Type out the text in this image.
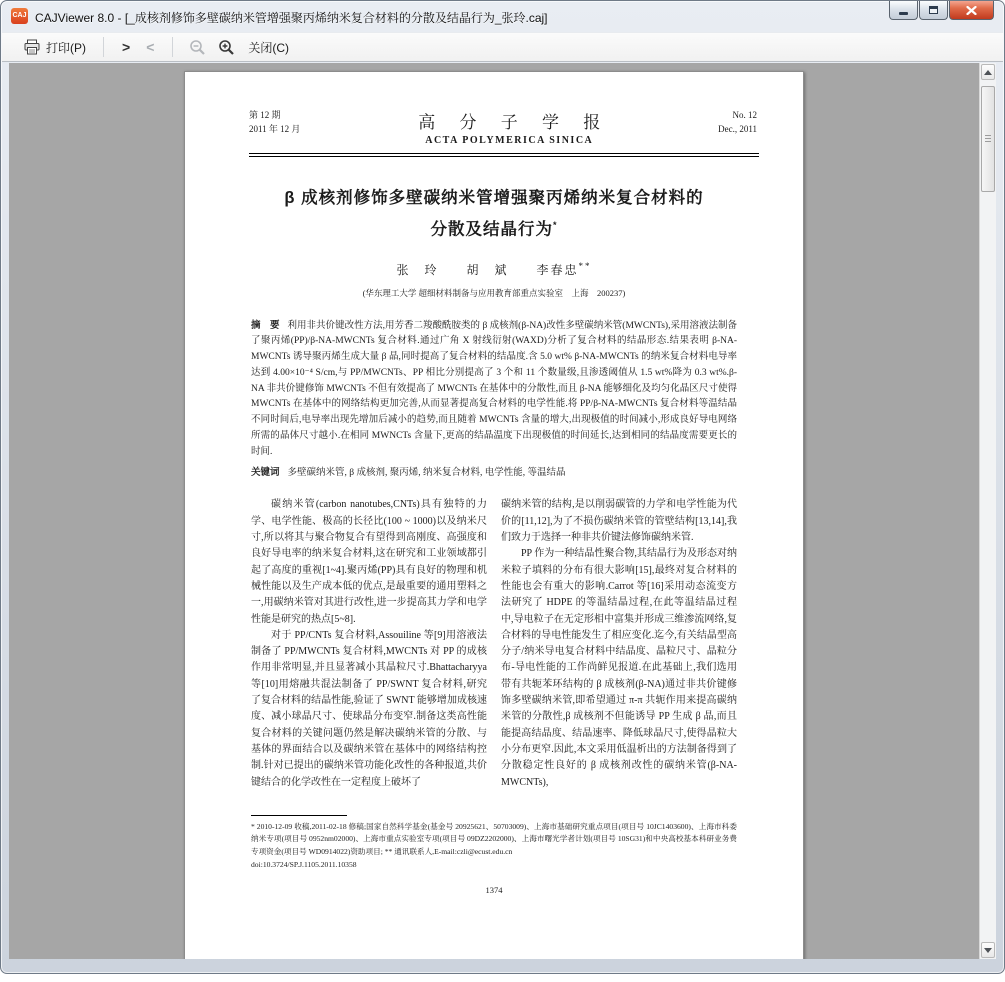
CAJ CAJViewer 8.0 - [_成核剂修饰多壁碳纳米管增强聚丙烯纳米复合材料的分散及结晶行为_张玲.caj]
打印(P)	>	<	关闭(C)
第 12 期
2011 年 12 月	高 分 子 学 报
ACTA POLYMERICA SINICA
No. 12
Dec., 2011
β 成核剂修饰多壁碳纳米管增强聚丙烯纳米复合材料的
分散及结晶行为*
张　玲　　胡　斌　　李春忠**
(华东理工大学 超细材料制备与应用教育部重点实验室　上海　200237)
摘　要 利用非共价键改性方法,用芳香二羧酸酰胺类的 β 成核剂(β-NA)改性多壁碳纳米管(MWCNTs),采用溶液法制备了聚丙烯(PP)/β-NA-MWCNTs 复合材料.通过广角 X 射线衍射(WAXD)分析了复合材料的结晶形态.结果表明 β-NA-MWCNTs 诱导聚丙烯生成大量 β 晶,同时提高了复合材料的结晶度.含 5.0 wt% β-NA-MWCNTs 的纳米复合材料电导率达到 4.00×10⁻⁴ S/cm,与 PP/MWCNTs、PP 相比分别提高了 3 个和 11 个数量级,且渗透阈值从 1.5 wt%降为 0.3 wt%.β-NA 非共价键修饰 MWCNTs 不但有效提高了 MWCNTs 在基体中的分散性,而且 β-NA 能够细化及均匀化晶区尺寸使得 MWCNTs 在基体中的网络结构更加完善,从而显著提高复合材料的电学性能.将 PP/β-NA-MWCNTs 复合材料等温结晶不同时间后,电导率出现先增加后减小的趋势,而且随着 MWCNTs 含量的增大,出现极值的时间减小,形成良好导电网络所需的晶体尺寸越小.在相同 MWNCTs 含量下,更高的结晶温度下出现极值的时间延长,达到相同的结晶度需要更长的时间.
关键词 多壁碳纳米管, β 成核剂, 聚丙烯, 纳米复合材料, 电学性能, 等温结晶

碳纳米管(carbon nanotubes,CNTs)具有独特的力学、电学性能、极高的长径比(100 ~ 1000)以及纳米尺寸,所以将其与聚合物复合有望得到高刚度、高强度和良好导电率的纳米复合材料,这在研究和工业领域都引起了高度的重视[1~4].聚丙烯(PP)具有良好的物理和机械性能以及生产成本低的优点,是最重要的通用塑料之一,用碳纳米管对其进行改性,进一步提高其力学和电学性能是研究的热点[5~8].

对于 PP/CNTs 复合材料,Assouiline 等[9]用溶液法制备了 PP/MWCNTs 复合材料,MWCNTs 对 PP 的成核作用非常明显,并且显著减小其晶粒尺寸.Bhattacharyya 等[10]用熔融共混法制备了 PP/SWNT 复合材料,研究了复合材料的结晶性能,验证了 SWNT 能够增加成核速度、减小球晶尺寸、使球晶分布变窄.制备这类高性能复合材料的关键问题仍然是解决碳纳米管的分散、与基体的界面结合以及碳纳米管在基体中的网络结构控制.针对已提出的碳纳米管功能化改性的各种报道,共价键结合的化学改性在一定程度上破坏了

碳纳米管的结构,是以削弱碳管的力学和电学性能为代价的[11,12],为了不损伤碳纳米管的管壁结构[13,14],我们致力于选择一种非共价键法修饰碳纳米管.

PP 作为一种结晶性聚合物,其结晶行为及形态对纳米粒子填料的分布有很大影响[15],最终对复合材料的性能也会有重大的影响.Carrot 等[16]采用动态流变方法研究了 HDPE 的等温结晶过程,在此等温结晶过程中,导电粒子在无定形相中富集并形成三维渗流网络,复合材料的导电性能发生了相应变化.迄今,有关结晶型高分子/纳米导电复合材料中结晶度、晶粒尺寸、晶粒分布-导电性能的工作尚鲜见报道.在此基础上,我们选用带有共轭苯环结构的 β 成核剂(β-NA)通过非共价键修饰多壁碳纳米管,即希望通过 π-π 共轭作用来提高碳纳米管的分散性,β 成核剂不但能诱导 PP 生成 β 晶,而且能提高结晶度、结晶速率、降低球晶尺寸,使得晶粒大小分布更窄.因此,本文采用低温析出的方法制备得到了分散稳定性良好的 β 成核剂改性的碳纳米管(β-NA-MWCNTs),

* 2010-12-09 收稿,2011-02-18 修稿;国家自然科学基金(基金号 20925621、50703009)、上海市基础研究重点项目(项目号 10JC1403600)、上海市科委纳米专项(项目号 0952nm02000)、上海市重点实验室专项(项目号 09DZ2202000)、上海市曙光学者计划(项目号 10SG31)和中央高校基本科研业务费专项资金(项目号 WD0914022)资助项目; ** 通讯联系人,E-mail:czli@ecust.edu.cn
doi:10.3724/SP.J.1105.2011.10358
1374
